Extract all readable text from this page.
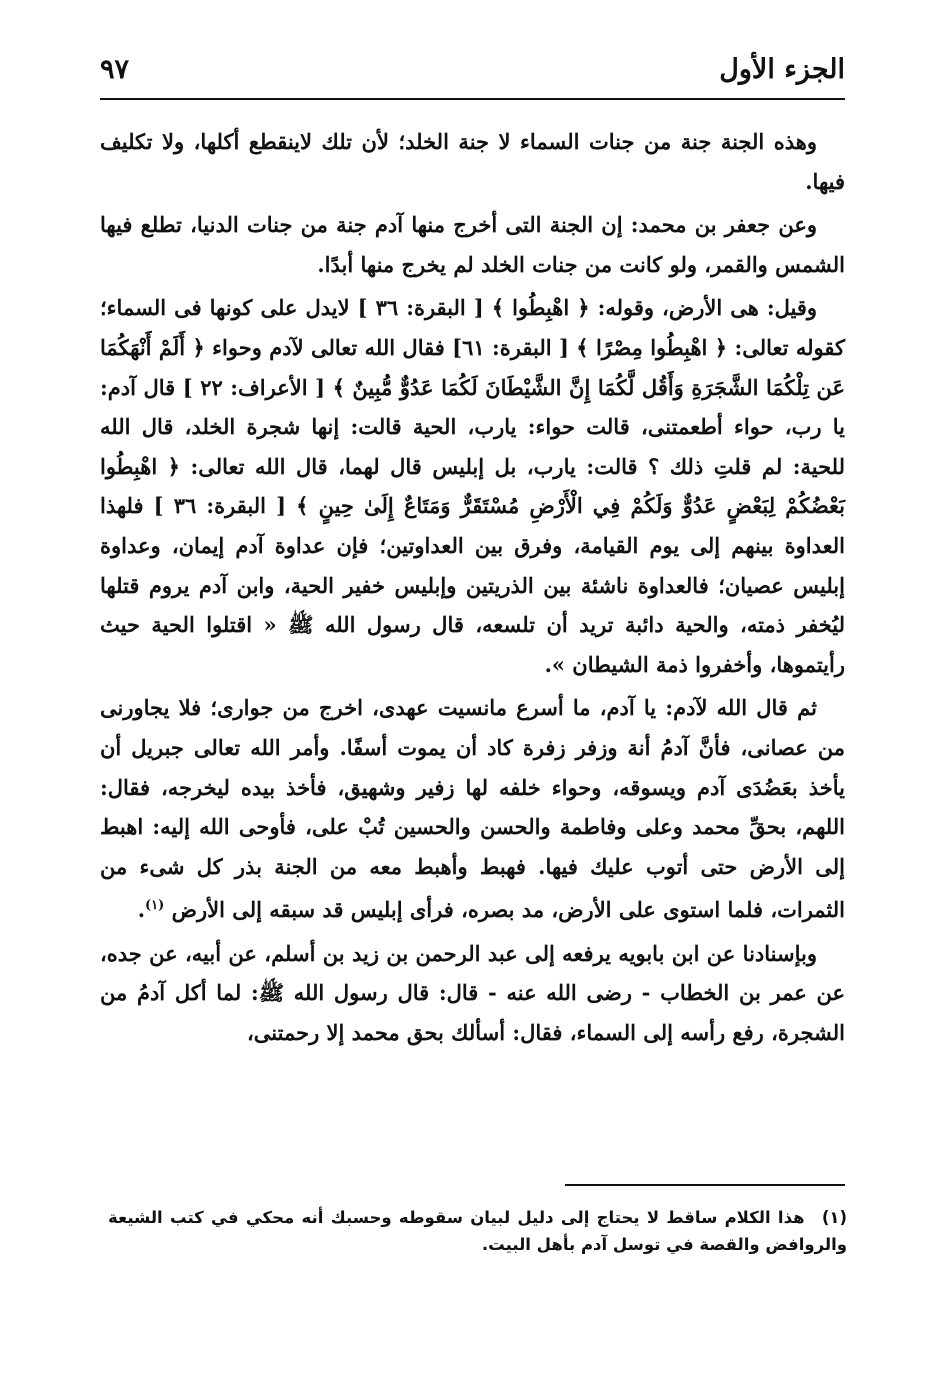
الجزء الأول
٩٧

وهذه الجنة جنة من جنات السماء لا جنة الخلد؛ لأن تلك لاينقطع أكلها، ولا تكليف فيها.

وعن جعفر بن محمد: إن الجنة التى أخرج منها آدم جنة من جنات الدنيا، تطلع فيها الشمس والقمر، ولو كانت من جنات الخلد لم يخرج منها أبدًا.

وقيل: هى الأرض، وقوله: ﴿ اهْبِطُوا ﴾ [ البقرة: ٣٦ ] لايدل على كونها فى السماء؛ كقوله تعالى: ﴿ اهْبِطُوا مِصْرًا ﴾ [ البقرة: ٦١] فقال الله تعالى لآدم وحواء ﴿ أَلَمْ أَنْهَكُمَا عَن تِلْكُمَا الشَّجَرَةِ وَأَقُل لَّكُمَا إِنَّ الشَّيْطَانَ لَكُمَا عَدُوٌّ مُّبِينٌ ﴾ [ الأعراف: ٢٢ ] قال آدم: يا رب، حواء أطعمتنى، قالت حواء: يارب، الحية قالت: إنها شجرة الخلد، قال الله للحية: لم قلتِ ذلك ؟ قالت: يارب، بل إبليس قال لهما، قال الله تعالى: ﴿ اهْبِطُوا بَعْضُكُمْ لِبَعْضٍ عَدُوٌّ وَلَكُمْ فِي الْأَرْضِ مُسْتَقَرٌّ وَمَتَاعٌ إِلَىٰ حِينٍ ﴾ [ البقرة: ٣٦ ] فلهذا العداوة بينهم إلى يوم القيامة، وفرق بين العداوتين؛ فإن عداوة آدم إيمان، وعداوة إبليس عصيان؛ فالعداوة ناشئة بين الذريتين وإبليس خفير الحية، وابن آدم يروم قتلها ليُخفر ذمته، والحية دائبة تريد أن تلسعه، قال رسول الله ﷺ « اقتلوا الحية حيث رأيتموها، وأخفروا ذمة الشيطان ».

ثم قال الله لآدم: يا آدم، ما أسرع مانسيت عهدى، اخرج من جوارى؛ فلا يجاورنى من عصانى، فأنَّ آدمُ أنة وزفر زفرة كاد أن يموت أسفًا. وأمر الله تعالى جبريل أن يأخذ بعَضُدَى آدم ويسوقه، وحواء خلفه لها زفير وشهيق، فأخذ بيده ليخرجه، فقال: اللهم، بحقِّ محمد وعلى وفاطمة والحسن والحسين تُبْ على، فأوحى الله إليه: اهبط إلى الأرض حتى أتوب عليك فيها. فهبط وأهبط معه من الجنة بذر كل شىء من الثمرات، فلما استوى على الأرض، مد بصره، فرأى إبليس قد سبقه إلى الأرض $^{(١)}$.

وبإسنادنا عن ابن بابويه يرفعه إلى عبد الرحمن بن زيد بن أسلم، عن أبيه، عن جده، عن عمر بن الخطاب - رضى الله عنه - قال: قال رسول الله ﷺ: لما أكل آدمُ من الشجرة، رفع رأسه إلى السماء، فقال: أسألك بحق محمد إلا رحمتنى،

(١) هذا الكلام ساقط لا يحتاج إلى دليل لبيان سقوطه وحسبك أنه محكي في كتب الشيعة والروافض والقصة في توسل آدم بأهل البيت.
